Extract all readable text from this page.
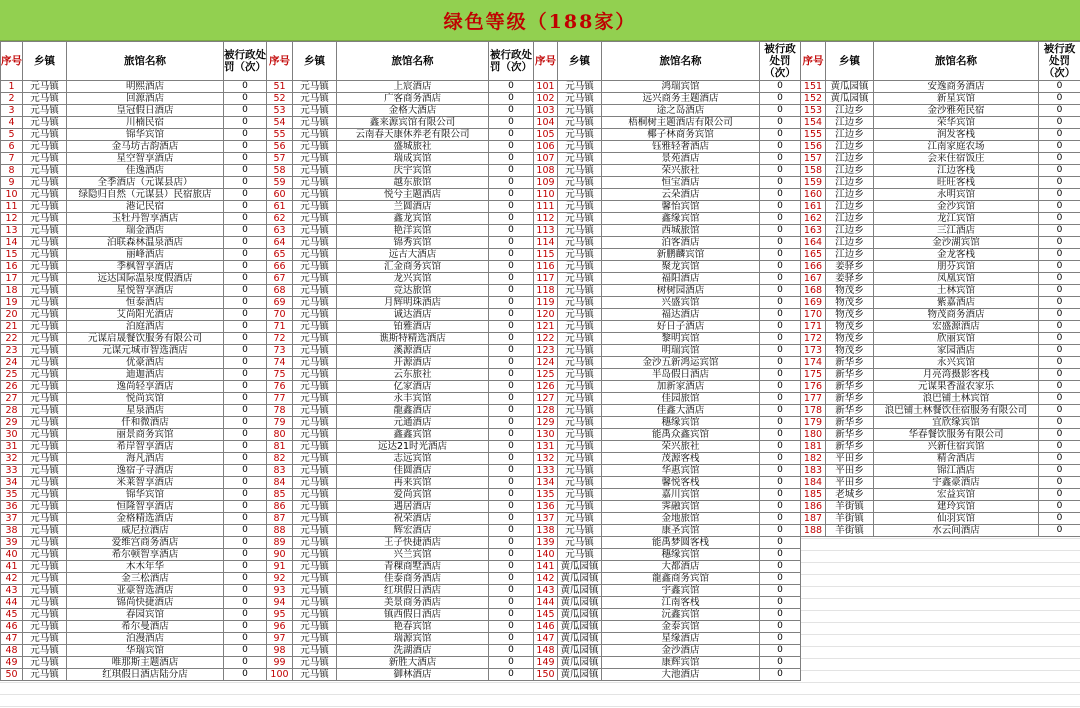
绿色等级（188家）
序号	乡镇	旅馆名称	被行政处罚（次）
1	元马镇	明熙酒店	0
2	元马镇	回源酒店	0
3	元马镇	皇冠假日酒店	0
4	元马镇	川楠民宿	0
5	元马镇	锦华宾馆	0
6	元马镇	金马坊古韵酒店	0
7	元马镇	星空智享酒店	0
8	元马镇	佳逸酒店	0
9	元马镇	全季酒店（元谋县店）	0
10	元马镇	绿隐归自然（元谋县）民宿旅店	0
11	元马镇	港记民宿	0
12	元马镇	玉牡丹智享酒店	0
13	元马镇	瑞金酒店	0
14	元马镇	泊联森林温泉酒店	0
15	元马镇	丽峰酒店	0
16	元马镇	季枫智享酒店	0
17	元马镇	远达国际温泉度假酒店	0
18	元马镇	星悦智享酒店	0
19	元马镇	恒泰酒店	0
20	元马镇	艾尚阳光酒店	0
21	元马镇	泊庭酒店	0
22	元马镇	元谋启晟餐饮服务有限公司	0
23	元马镇	元谋元城市智选酒店	0
24	元马镇	优豪酒店	0
25	元马镇	迪迦酒店	0
26	元马镇	逸尚轻享酒店	0
27	元马镇	悦尚宾馆	0
28	元马镇	星泉酒店	0
29	元马镇	仟和微酒店	0
30	元马镇	丽景商务宾馆	0
31	元马镇	希岸智享酒店	0
32	元马镇	海凡酒店	0
33	元马镇	逸宿子寻酒店	0
34	元马镇	米莱智享酒店	0
35	元马镇	锦华宾馆	0
36	元马镇	恒隆智享酒店	0
37	元马镇	金格精选酒店	0
38	元马镇	威尼拉酒店	0
39	元马镇	爱维宫商务酒店	0
40	元马镇	希尔顿智享酒店	0
41	元马镇	木木年华	0
42	元马镇	金三松酒店	0
43	元马镇	亚豪智选酒店	0
44	元马镇	锦尚快捷酒店	0
45	元马镇	春园宾馆	0
46	元马镇	希尔曼酒店	0
47	元马镇	泊漫酒店	0
48	元马镇	华瑞宾馆	0
49	元马镇	唯那斯主题酒店	0
50	元马镇	红琪假日酒店陆分店	0
序号	乡镇	旅馆名称	被行政处罚（次）
51	元马镇	上宸酒店	0
52	元马镇	广客商务酒店	0
53	元马镇	金格大酒店	0
54	元马镇	鑫来源宾馆有限公司	0
55	元马镇	云南春天康休养老有限公司	0
56	元马镇	盛城旅社	0
57	元马镇	瑞成宾馆	0
58	元马镇	庆宇宾馆	0
59	元马镇	越东旅馆	0
60	元马镇	悦兮主题酒店	0
61	元马镇	兰圆酒店	0
62	元马镇	鑫龙宾馆	0
63	元马镇	艳洋宾馆	0
64	元马镇	锦秀宾馆	0
65	元马镇	远古大酒店	0
66	元马镇	汇金商务宾馆	0
67	元马镇	龙兴宾馆	0
68	元马镇	竞达旅馆	0
69	元马镇	月辉明珠酒店	0
70	元马镇	诚达酒店	0
71	元马镇	铂雅酒店	0
72	元马镇	谯斯特精选酒店	0
73	元马镇	溪源酒店	0
74	元马镇	开源酒店	0
75	元马镇	云东旅社	0
76	元马镇	亿家酒店	0
77	元马镇	永丰宾馆	0
78	元马镇	龍鑫酒店	0
79	元马镇	元通酒店	0
80	元马镇	鑫鑫宾馆	0
81	元马镇	远达21时光酒店	0
82	元马镇	志远宾馆	0
83	元马镇	佳圆酒店	0
84	元马镇	再来宾馆	0
85	元马镇	爱尚宾馆	0
86	元马镇	遇居酒店	0
87	元马镇	祝荣酒店	0
88	元马镇	辉宏酒店	0
89	元马镇	王子快捷酒店	0
90	元马镇	兴兰宾馆	0
91	元马镇	青稞商墅酒店	0
92	元马镇	佳泰商务酒店	0
93	元马镇	红琪假日酒店	0
94	元马镇	美景商务酒店	0
95	元马镇	镇西假日酒店	0
96	元马镇	艳春宾馆	0
97	元马镇	瑞源宾馆	0
98	元马镇	洗湖酒店	0
99	元马镇	新胜大酒店	0
100	元马镇	御林酒店	0
序号	乡镇	旅馆名称	被行政处罚（次）
101	元马镇	鸿瑞宾馆	0
102	元马镇	远兴商务主题酒店	0
103	元马镇	途之岛酒店	0
104	元马镇	梧桐树主题酒店有限公司	0
105	元马镇	椰子林商务宾馆	0
106	元马镇	钰雅轻奢酒店	0
107	元马镇	景苑酒店	0
108	元马镇	荣兴旅社	0
109	元马镇	恒宝酒店	0
110	元马镇	云朵酒店	0
111	元马镇	馨怡宾馆	0
112	元马镇	鑫缘宾馆	0
113	元马镇	西城旅馆	0
114	元马镇	泊客酒店	0
115	元马镇	新鹏麟宾馆	0
116	元马镇	聚龙宾馆	0
117	元马镇	福阳酒店	0
118	元马镇	树树园酒店	0
119	元马镇	兴盛宾馆	0
120	元马镇	福达酒店	0
121	元马镇	好日子酒店	0
122	元马镇	黎明宾馆	0
123	元马镇	明瑞宾馆	0
124	元马镇	金沙五新鸿运宾馆	0
125	元马镇	半岛假日酒店	0
126	元马镇	加新家酒店	0
127	元马镇	佳园旅馆	0
128	元马镇	佳鑫大酒店	0
129	元马镇	穗缘宾馆	0
130	元马镇	能禹众鑫宾馆	0
131	元马镇	荣兴旅社	0
132	元马镇	茂源客栈	0
133	元马镇	华惠宾馆	0
134	元马镇	馨悦客栈	0
135	元马镇	嘉川宾馆	0
136	元马镇	霁融宾馆	0
137	元马镇	金地旅馆	0
138	元马镇	康圣宾馆	0
139	元马镇	能禹梦圆客栈	0
140	元马镇	穗缘宾馆	0
141	黄瓜园镇	大都酒店	0
142	黄瓜园镇	龍鑫商务宾馆	0
143	黄瓜园镇	宇鑫宾馆	0
144	黄瓜园镇	江南客栈	0
145	黄瓜园镇	沅鑫宾馆	0
146	黄瓜园镇	金泰宾馆	0
147	黄瓜园镇	星缘酒店	0
148	黄瓜园镇	金沙酒店	0
149	黄瓜园镇	康辉宾馆	0
150	黄瓜园镇	大池酒店	0
序号	乡镇	旅馆名称	被行政处罚（次）
151	黄瓜园镇	安逸商务酒店	0
152	黄瓜园镇	新星宾馆	0
153	江边乡	金沙雅苑民宿	0
154	江边乡	荣华宾馆	0
155	江边乡	润发客栈	0
156	江边乡	江南家庭农场	0
157	江边乡	会来住宿饭庄	0
158	江边乡	江边客栈	0
159	江边乡	旺旺客栈	0
160	江边乡	永明宾馆	0
161	江边乡	金沙宾馆	0
162	江边乡	龙江宾馆	0
163	江边乡	三江酒店	0
164	江边乡	金沙湖宾馆	0
165	江边乡	金龙客栈	0
166	姜驿乡	朋芬宾馆	0
167	姜驿乡	凤凰宾馆	0
168	物茂乡	土林宾馆	0
169	物茂乡	紫嘉酒店	0
170	物茂乡	物茂商务酒店	0
171	物茂乡	宏盛源酒店	0
172	物茂乡	欣丽宾馆	0
173	物茂乡	家园酒店	0
174	新华乡	永兴宾馆	0
175	新华乡	月亮湾摄影客栈	0
176	新华乡	元谋果香溢农家乐	0
177	新华乡	浪巴铺土林宾馆	0
178	新华乡	浪巴铺土林餐饮住宿服务有限公司	0
179	新华乡	宜欣缘宾馆	0
180	新华乡	华春餐饮服务有限公司	0
181	新华乡	兴新住宿宾馆	0
182	平田乡	精舍酒店	0
183	平田乡	锦江酒店	0
184	平田乡	宇鑫豪酒店	0
185	老城乡	宏益宾馆	0
186	羊街镇	建玲宾馆	0
187	羊街镇	仙羽宾馆	0
188	羊街镇	水云间酒店	0
